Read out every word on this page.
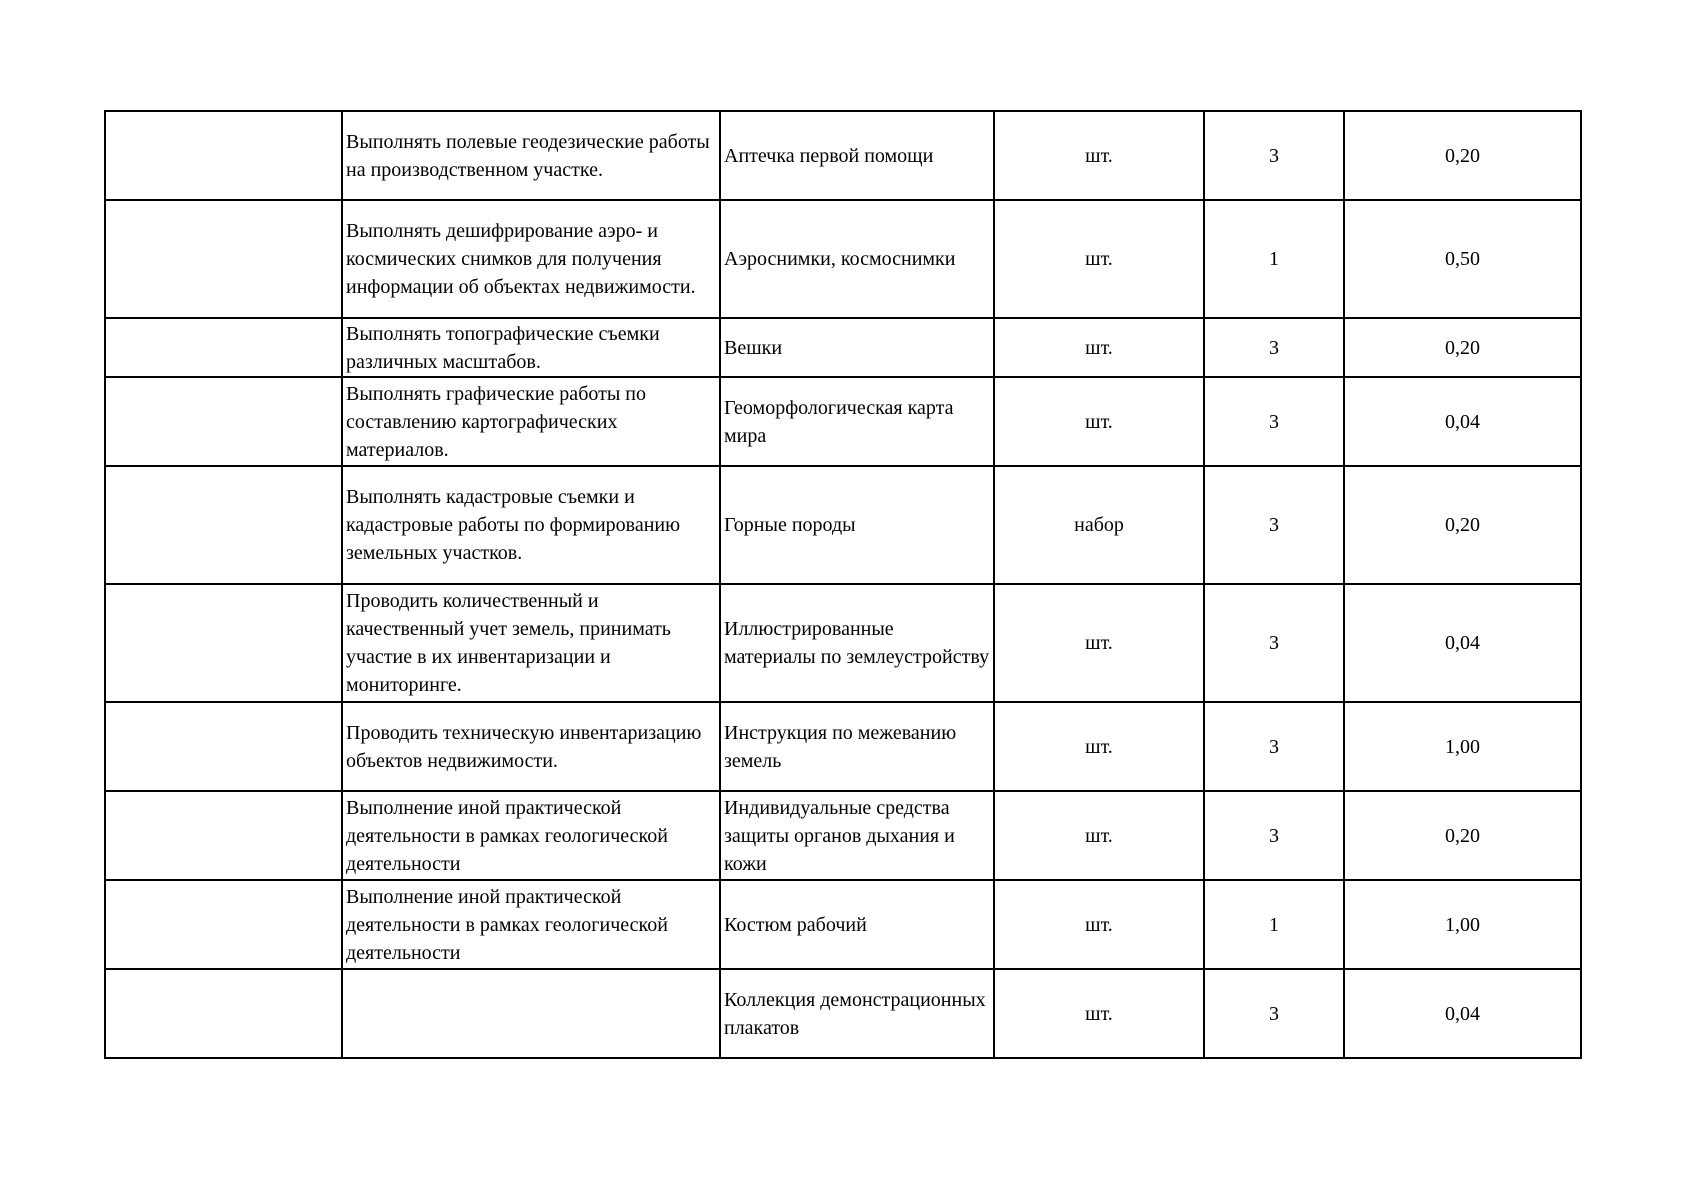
	Выполнять полевые геодезические работы на производственном участке.	Аптечка первой помощи	шт.	3	0,20
	Выполнять дешифрирование аэро- и космических снимков для получения информации об объектах недвижимости.	Аэроснимки, космоснимки	шт.	1	0,50
	Выполнять топографические съемки различных масштабов.	Вешки	шт.	3	0,20
	Выполнять графические работы по составлению картографических материалов.	Геоморфологическая карта мира	шт.	3	0,04
	Выполнять кадастровые съемки и кадастровые работы по формированию земельных участков.	Горные породы	набор	3	0,20
	Проводить количественный и качественный учет земель, принимать участие в их инвентаризации и мониторинге.	Иллюстрированные материалы по землеустройству	шт.	3	0,04
	Проводить техническую инвентаризацию объектов недвижимости.	Инструкция по межеванию земель	шт.	3	1,00
	Выполнение иной практической деятельности в рамках геологической деятельности	Индивидуальные средства защиты органов дыхания и кожи	шт.	3	0,20
	Выполнение иной практической деятельности в рамках геологической деятельности	Костюм рабочий	шт.	1	1,00
		Коллекция демонстрационных плакатов	шт.	3	0,04
